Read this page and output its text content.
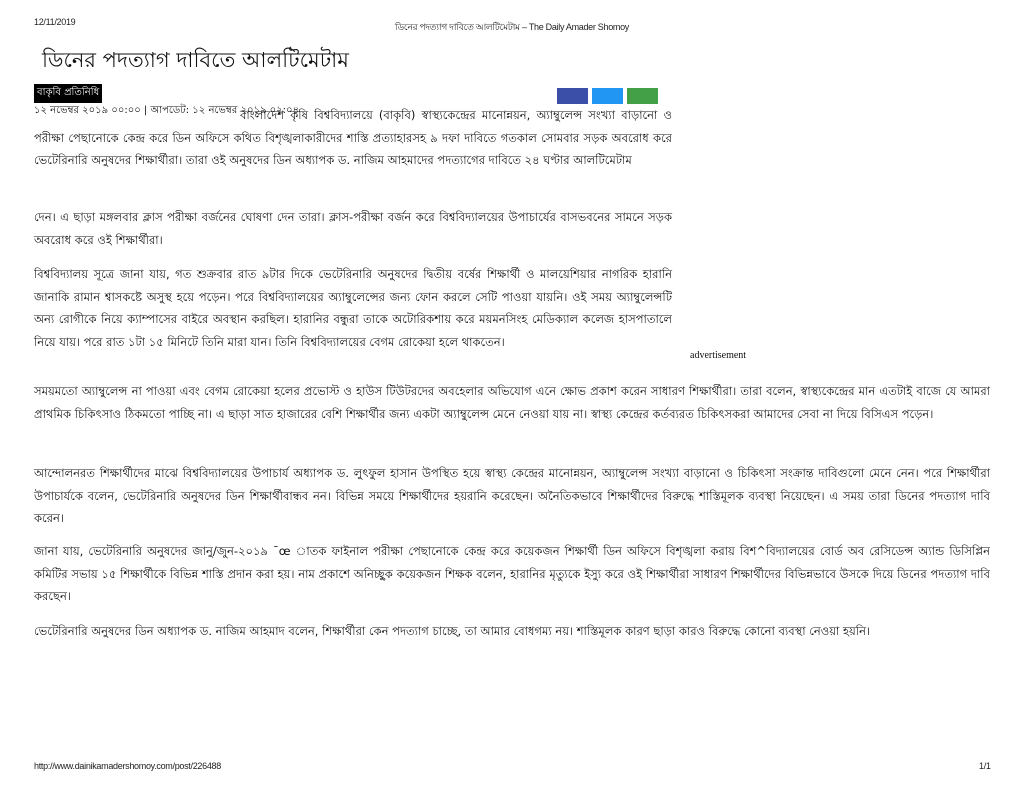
12/11/2019	ডিনের পদত্যাগ দাবিতে আলটিমেটাম – The Daily Amader Shomoy
ডিনের পদত্যাগ দাবিতে আলটিমেটাম
বাকৃবি প্রতিনিধি
১২ নভেম্বর ২০১৯ ০০:০০ | আপডেট: ১২ নভেম্বর ২০১৯ ০২:০৪

বাংলাদেশ কৃষি বিশ্ববিদ্যালয়ে (বাকৃবি) স্বাস্থ্যকেন্দ্রের মানোন্নয়ন, অ্যাম্বুলেন্স সংখ্যা বাড়ানো ও পরীক্ষা পেছানোকে কেন্দ্র করে ডিন অফিসে কথিত বিশৃঙ্খলাকারীদের শাস্তি প্রত্যাহারসহ ৯ দফা দাবিতে গতকাল সোমবার সড়ক অবরোধ করে ভেটেরিনারি অনুষদের শিক্ষার্থীরা। তারা ওই অনুষদের ডিন অধ্যাপক ড. নাজিম আহমাদের পদত্যাগের দাবিতে ২৪ ঘণ্টার আলটিমেটাম

দেন। এ ছাড়া মঙ্গলবার ক্লাস পরীক্ষা বর্জনের ঘোষণা দেন তারা। ক্লাস-পরীক্ষা বর্জন করে বিশ্ববিদ্যালয়ের উপাচার্যের বাসভবনের সামনে সড়ক অবরোধ করে ওই শিক্ষার্থীরা।

বিশ্ববিদ্যালয় সূত্রে জানা যায়, গত শুক্রবার রাত ৯টার দিকে ভেটেরিনারি অনুষদের দ্বিতীয় বর্ষের শিক্ষার্থী ও মালয়েশিয়ার নাগরিক হারানি জানাকি রামান শ্বাসকষ্টে অসুস্থ হয়ে পড়েন। পরে বিশ্ববিদ্যালয়ের অ্যাম্বুলেন্সের জন্য ফোন করলে সেটি পাওয়া যায়নি। ওই সময় অ্যাম্বুলেন্সটি অন্য রোগীকে নিয়ে ক্যাম্পাসের বাইরে অবস্থান করছিল। হারানির বন্ধুরা তাকে অটোরিকশায় করে ময়মনসিংহ মেডিক্যাল কলেজ হাসপাতালে নিয়ে যায়। পরে রাত ১টা ১৫ মিনিটে তিনি মারা যান। তিনি বিশ্ববিদ্যালয়ের বেগম রোকেয়া হলে থাকতেন।

advertisement

সময়মতো অ্যাম্বুলেন্স না পাওয়া এবং বেগম রোকেয়া হলের প্রভোস্ট ও হাউস টিউটরদের অবহেলার অভিযোগ এনে ক্ষোভ প্রকাশ করেন সাধারণ শিক্ষার্থীরা। তারা বলেন, স্বাস্থ্যকেন্দ্রের মান এতটাই বাজে যে আমরা প্রাথমিক চিকিৎসাও ঠিকমতো পাচ্ছি না। এ ছাড়া সাত হাজারের বেশি শিক্ষার্থীর জন্য একটা অ্যাম্বুলেন্স মেনে নেওয়া যায় না। স্বাস্থ্য কেন্দ্রের কর্তব্যরত চিকিৎসকরা আমাদের সেবা না দিয়ে বিসিএস পড়েন।

আন্দোলনরত শিক্ষার্থীদের মাঝে বিশ্ববিদ্যালয়ের উপাচার্য অধ্যাপক ড. লুৎফুল হাসান উপস্থিত হয়ে স্বাস্থ্য কেন্দ্রের মানোন্নয়ন, অ্যাম্বুলেন্স সংখ্যা বাড়ানো ও চিকিৎসা সংক্রান্ত দাবিগুলো মেনে নেন। পরে শিক্ষার্থীরা উপাচার্যকে বলেন, ভেটেরিনারি অনুষদের ডিন শিক্ষার্থীবান্ধব নন। বিভিন্ন সময়ে শিক্ষার্থীদের হয়রানি করেছেন। অনৈতিকভাবে শিক্ষার্থীদের বিরুদ্ধে শাস্তিমূলক ব্যবস্থা নিয়েছেন। এ সময় তারা ডিনের পদত্যাগ দাবি করেন।

জানা যায়, ভেটেরিনারি অনুষদের জানু/জুন-২০১৯ ¯œ াতক ফাইনাল পরীক্ষা পেছানোকে কেন্দ্র করে কয়েকজন শিক্ষার্থী ডিন অফিসে বিশৃঙ্খলা করায় বিশ^বিদ্যালয়ের বোর্ড অব রেসিডেন্স অ্যান্ড ডিসিপ্লিন কমিটির সভায় ১৫ শিক্ষার্থীকে বিভিন্ন শাস্তি প্রদান করা হয়। নাম প্রকাশে অনিচ্ছুক কয়েকজন শিক্ষক বলেন, হারানির মৃত্যুকে ইস্যু করে ওই শিক্ষার্থীরা সাধারণ শিক্ষার্থীদের বিভিন্নভাবে উসকে দিয়ে ডিনের পদত্যাগ দাবি করছেন।

ভেটেরিনারি অনুষদের ডিন অধ্যাপক ড. নাজিম আহমাদ বলেন, শিক্ষার্থীরা কেন পদত্যাগ চাচ্ছে, তা আমার বোধগম্য নয়। শাস্তিমূলক কারণ ছাড়া কারও বিরুদ্ধে কোনো ব্যবস্থা নেওয়া হয়নি।

http://www.dainikamadershomoy.com/post/226488	1/1
